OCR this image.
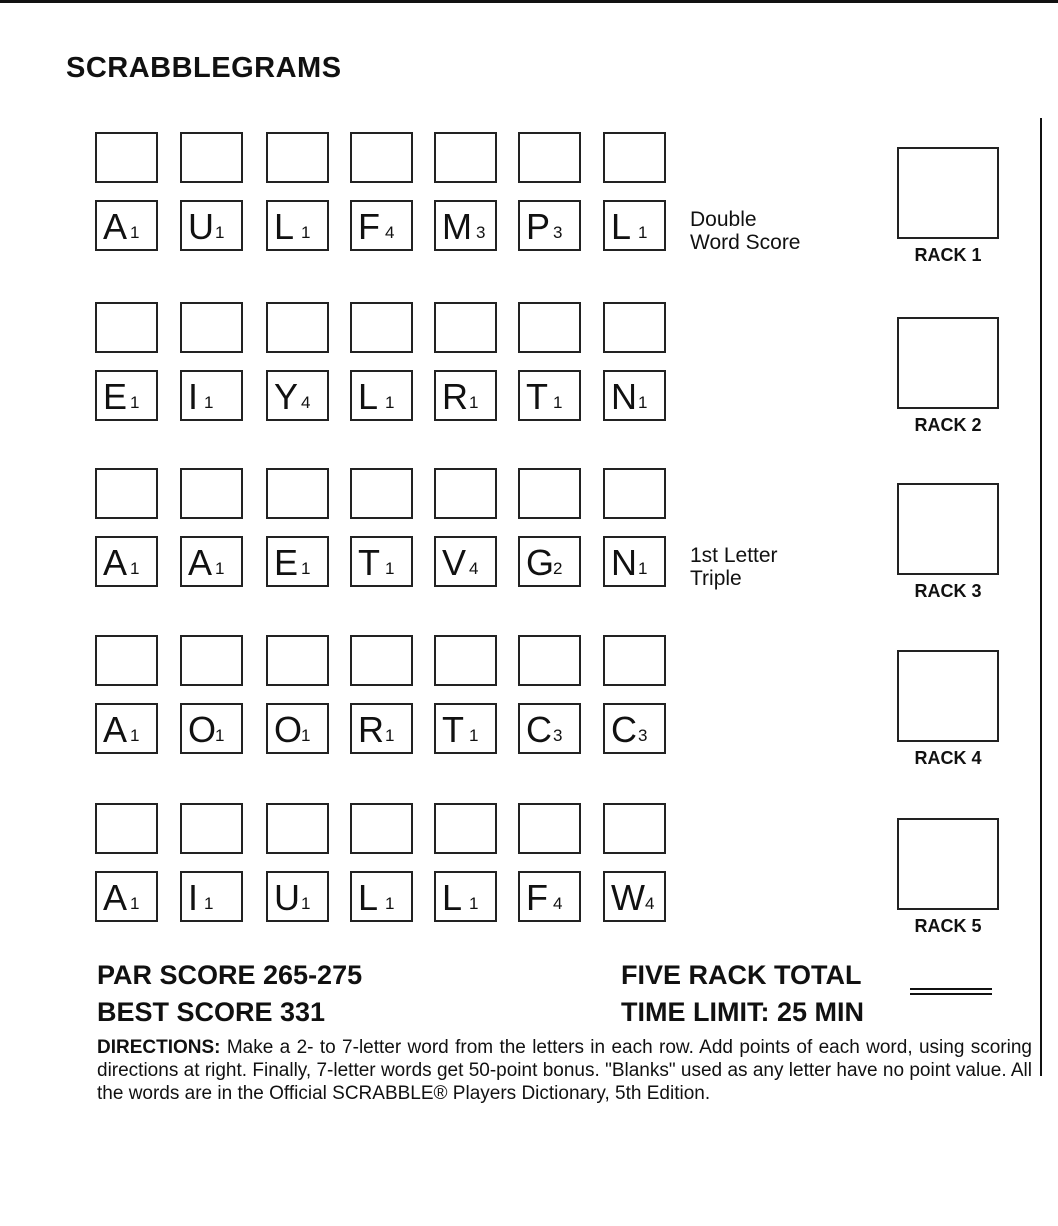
SCRABBLEGRAMS
A 1 U 1 L 1 F 4 M 3 P 3 L 1
Double
Word Score
RACK 1
E 1 I 1 Y 4 L 1 R 1 T 1 N 1
RACK 2
A 1 A 1 E 1 T 1 V 4 G
2 N 1
1st Letter
Triple
RACK 3
A 1 O
1 O
1 R 1 T 1 C 3 C 3
RACK 4
A 1 I 1 U 1 L 1 L 1 F 4 W 4
RACK 5
PAR SCORE 265-275
BEST SCORE 331
FIVE RACK TOTAL
TIME LIMIT: 25 MIN
DIRECTIONS: Make a 2- to 7-letter word from the letters in each row. Add points of each word, using scoring directions at right. Finally, 7-letter words get 50-point bonus. "Blanks" used as any letter have no point value. All the words are in the Official SCRABBLE® Players Dictionary, 5th Edition.
